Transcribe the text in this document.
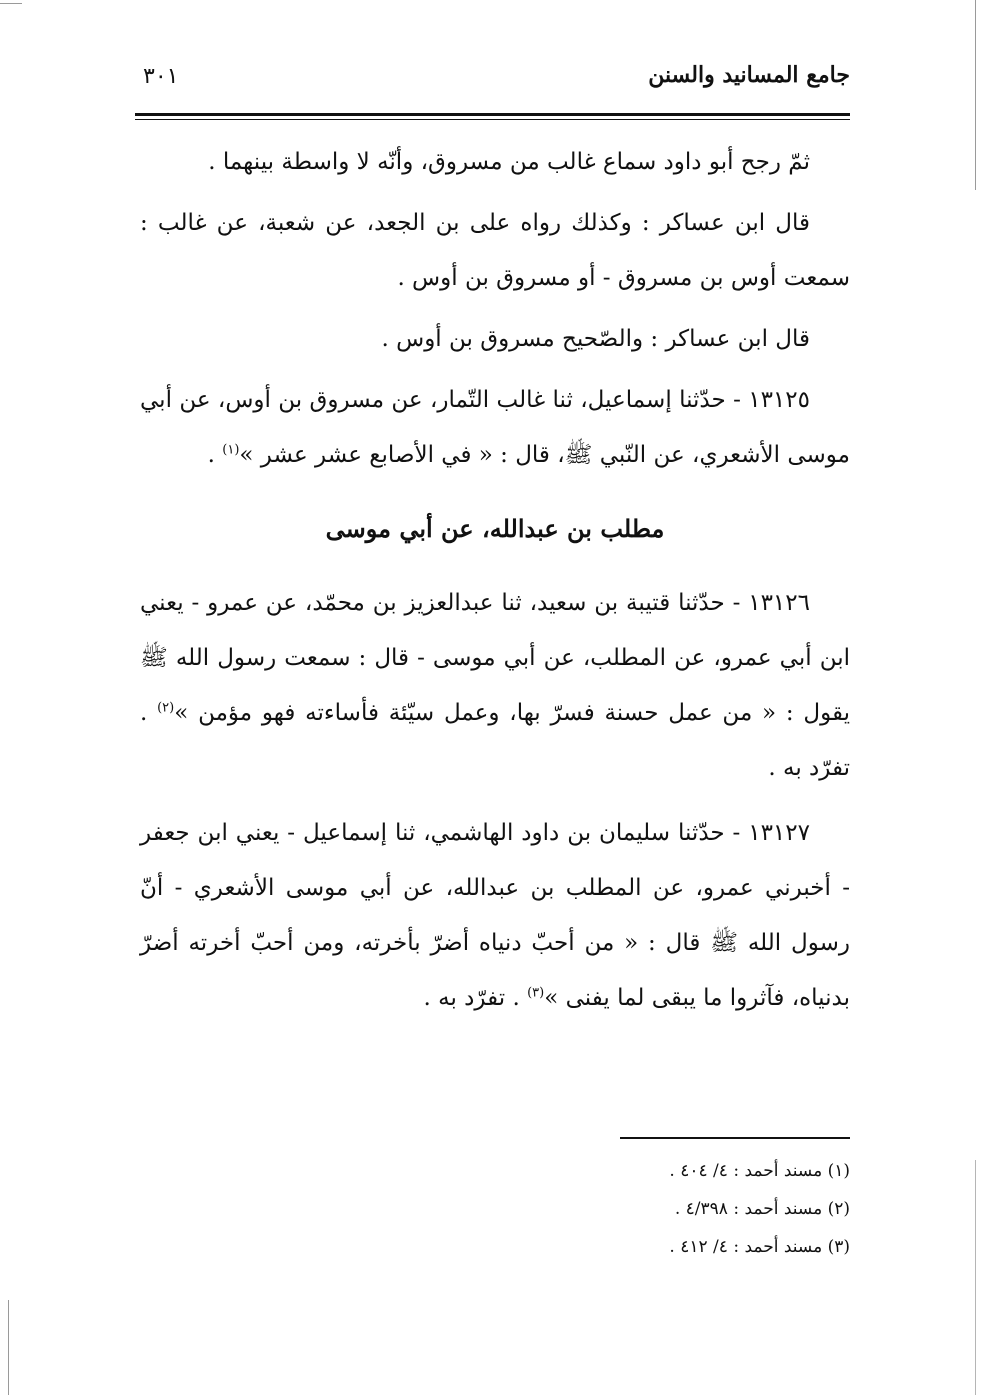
جامع المسانيد والسنن
٣٠١

ثمّ رجح أبو داود سماع غالب من مسروق، وأنّه لا واسطة بينهما .

قال ابن عساكر : وكذلك رواه على بن الجعد، عن شعبة، عن غالب : سمعت أوس بن مسروق - أو مسروق بن أوس .

قال ابن عساكر : والصّحيح مسروق بن أوس .

١٣١٢٥ - حدّثنا إسماعيل، ثنا غالب التّمار، عن مسروق بن أوس، عن أبي موسى الأشعري، عن النّبي ﷺ، قال : « في الأصابع عشر عشر »$^{(١)}$ .

مطلب بن عبدالله، عن أبي موسى

١٣١٢٦ - حدّثنا قتيبة بن سعيد، ثنا عبدالعزيز بن محمّد، عن عمرو - يعني ابن أبي عمرو، عن المطلب، عن أبي موسى - قال : سمعت رسول الله ﷺ يقول : « من عمل حسنة فسرّ بها، وعمل سيّئة فأساءته فهو مؤمن »$^{(٢)}$ . تفرّد به .

١٣١٢٧ - حدّثنا سليمان بن داود الهاشمي، ثنا إسماعيل - يعني ابن جعفر - أخبرني عمرو، عن المطلب بن عبدالله، عن أبي موسى الأشعري - أنّ رسول الله ﷺ قال : « من أحبّ دنياه أضرّ بأخرته، ومن أحبّ أخرته أضرّ بدنياه، فآثروا ما يبقى لما يفنى »$^{(٣)}$ . تفرّد به .

(١) مسند أحمد : ٤/ ٤٠٤ .

(٢) مسند أحمد : ٤/٣٩٨ .

(٣) مسند أحمد : ٤/ ٤١٢ .
